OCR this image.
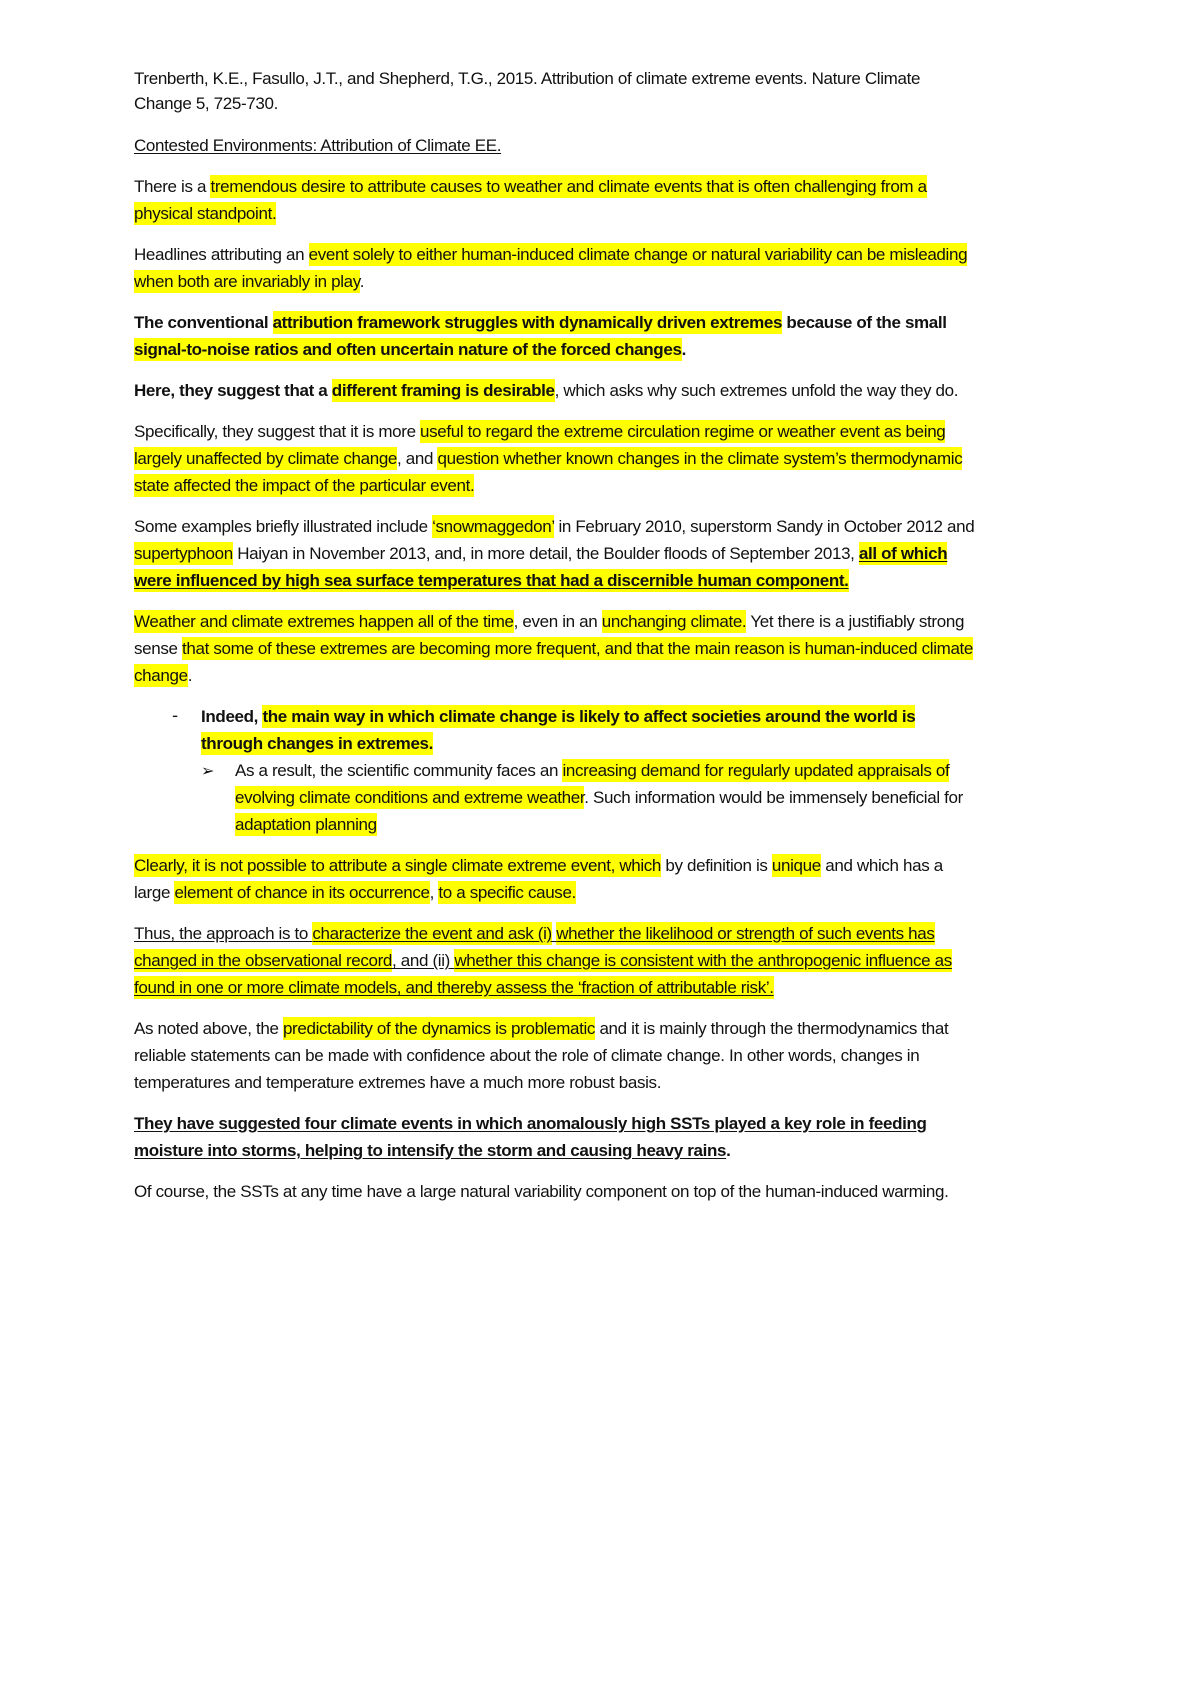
Trenberth, K.E., Fasullo, J.T., and Shepherd, T.G., 2015. Attribution of climate extreme events. Nature Climate Change 5, 725-730.
Contested Environments: Attribution of Climate EE.
There is a tremendous desire to attribute causes to weather and climate events that is often challenging from a physical standpoint.
Headlines attributing an event solely to either human-induced climate change or natural variability can be misleading when both are invariably in play.
The conventional attribution framework struggles with dynamically driven extremes because of the small signal-to-noise ratios and often uncertain nature of the forced changes.
Here, they suggest that a different framing is desirable, which asks why such extremes unfold the way they do.
Specifically, they suggest that it is more useful to regard the extreme circulation regime or weather event as being largely unaffected by climate change, and question whether known changes in the climate system’s thermodynamic state affected the impact of the particular event.
Some examples briefly illustrated include ‘snowmaggedon’ in February 2010, superstorm Sandy in October 2012 and supertyphoon Haiyan in November 2013, and, in more detail, the Boulder floods of September 2013, all of which were influenced by high sea surface temperatures that had a discernible human component.
Weather and climate extremes happen all of the time, even in an unchanging climate. Yet there is a justifiably strong sense that some of these extremes are becoming more frequent, and that the main reason is human-induced climate change.
- Indeed, the main way in which climate change is likely to affect societies around the world is through changes in extremes.
➢ As a result, the scientific community faces an increasing demand for regularly updated appraisals of evolving climate conditions and extreme weather. Such information would be immensely beneficial for adaptation planning
Clearly, it is not possible to attribute a single climate extreme event, which by definition is unique and which has a large element of chance in its occurrence, to a specific cause.
Thus, the approach is to characterize the event and ask (i) whether the likelihood or strength of such events has changed in the observational record, and (ii) whether this change is consistent with the anthropogenic influence as found in one or more climate models, and thereby assess the ‘fraction of attributable risk’.
As noted above, the predictability of the dynamics is problematic and it is mainly through the thermodynamics that reliable statements can be made with confidence about the role of climate change. In other words, changes in temperatures and temperature extremes have a much more robust basis.
They have suggested four climate events in which anomalously high SSTs played a key role in feeding moisture into storms, helping to intensify the storm and causing heavy rains.
Of course, the SSTs at any time have a large natural variability component on top of the human-induced warming.
